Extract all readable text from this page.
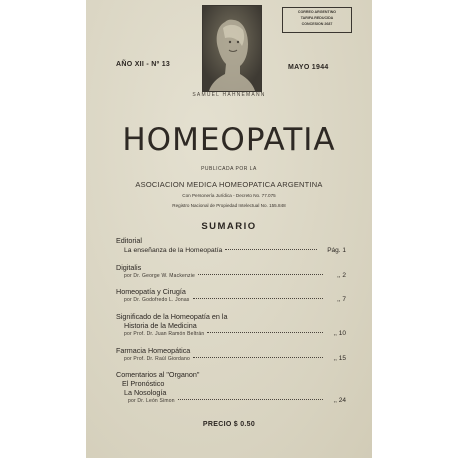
CORREO ARGENTINO
TARIFA REDUCIDA
CONCESION 2687
AÑO XII - Nº 13	MAYO 1944
SAMUEL HAHNEMANN
HOMEOPATIA
PUBLICADA POR LA
ASOCIACION MEDICA HOMEOPATICA ARGENTINA
Con Personería Jurídica - Decreto No. 77.075
Registro Nacional de Propiedad Intelectual No. 155.848
SUMARIO
Editorial
La enseñanza de la Homeopatía	Pág. 1
Digitalis
por Dr. George W. Mackenzie	,, 2
Homeopatía y Cirugía
por Dr. Godofredo L. Jonas	,, 7
Significado de la Homeopatía en la
Historia de la Medicina
por Prof. Dr. Juan Ramón Beltrán	,, 10
Farmacia Homeopática
por Prof. Dr. Raúl Giordano	,, 15
Comentarios al "Organon"
El Pronóstico
La Nosología
por Dr. León Simon	,, 24
PRECIO $ 0.50
